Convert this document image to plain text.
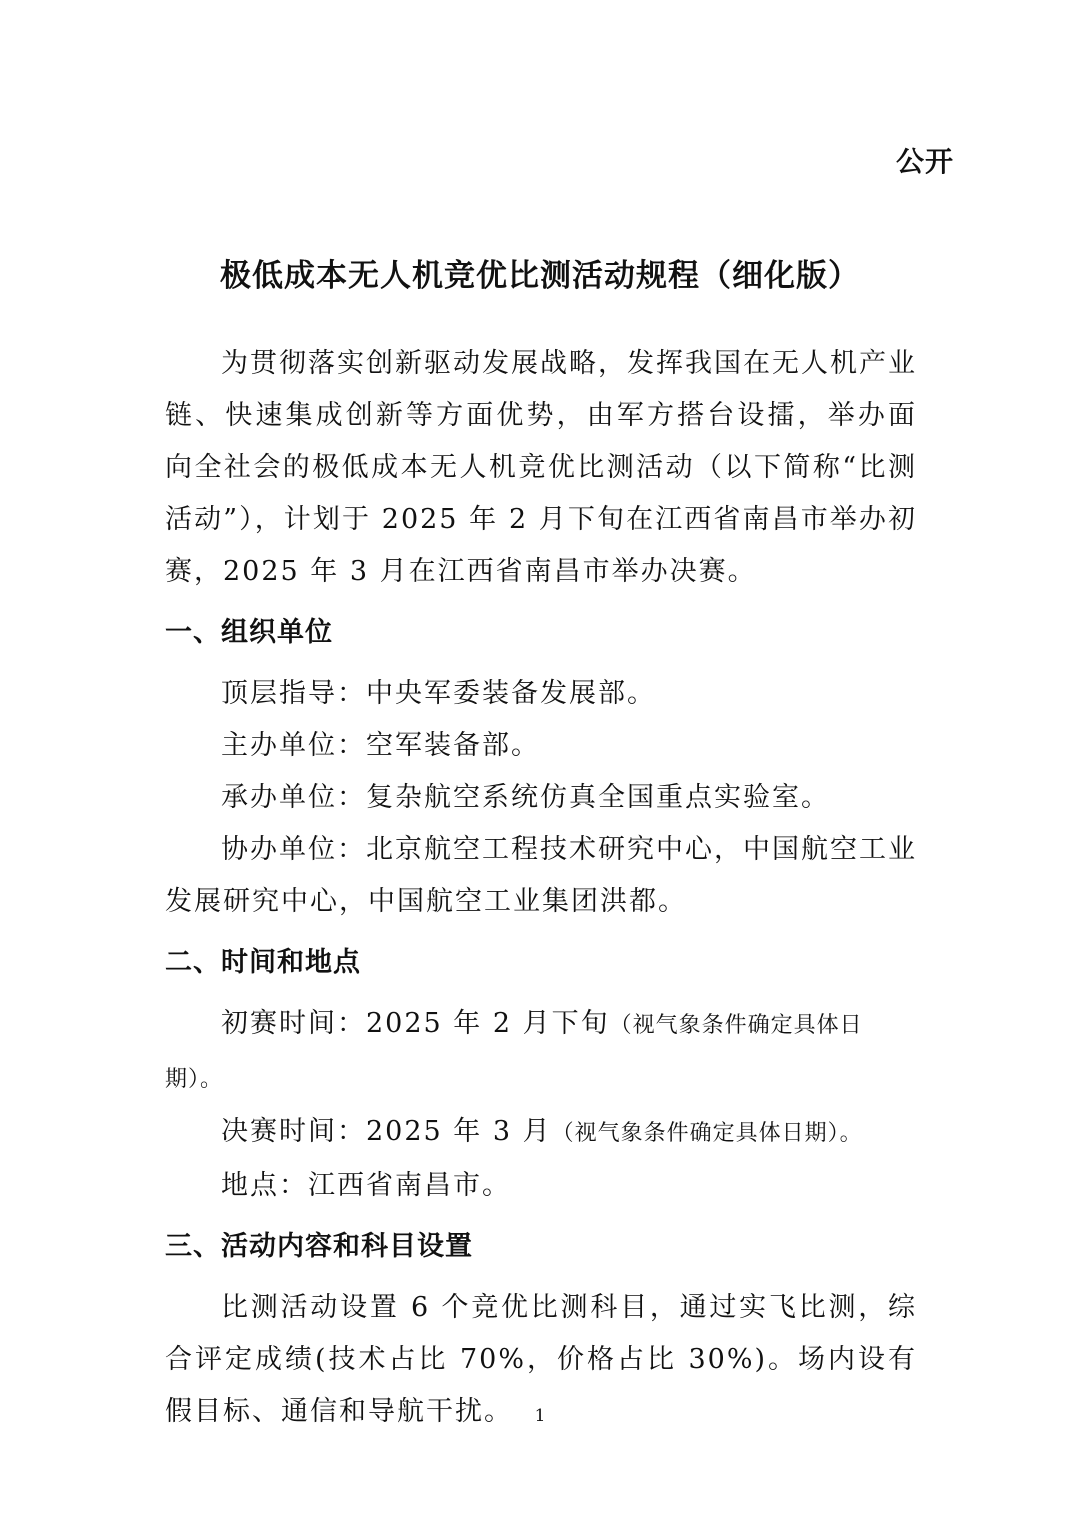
公开
极低成本无人机竞优比测活动规程（细化版）

为贯彻落实创新驱动发展战略，发挥我国在无人机产业链、快速集成创新等方面优势，由军方搭台设擂，举办面向全社会的极低成本无人机竞优比测活动（以下简称“比测活动”），计划于 2025 年 2 月下旬在江西省南昌市举办初赛，2025 年 3 月在江西省南昌市举办决赛。

一、组织单位

顶层指导：中央军委装备发展部。

主办单位：空军装备部。

承办单位：复杂航空系统仿真全国重点实验室。

协办单位：北京航空工程技术研究中心，中国航空工业发展研究中心，中国航空工业集团洪都。

二、时间和地点

初赛时间：2025 年 2 月下旬（视气象条件确定具体日期）。

决赛时间：2025 年 3 月（视气象条件确定具体日期）。

地点：江西省南昌市。

三、活动内容和科目设置

比测活动设置 6 个竞优比测科目，通过实飞比测，综合评定成绩(技术占比 70%，价格占比 30%)。场内设有假目标、通信和导航干扰。	1
